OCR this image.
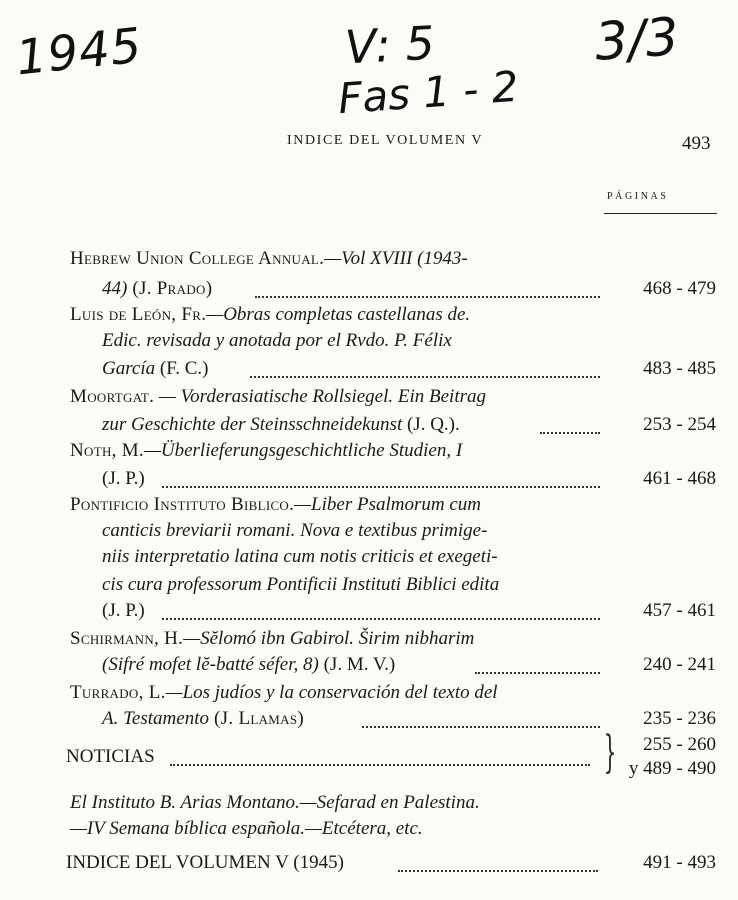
1945	V: 5
Fas 1 - 2
3/3
INDICE DEL VOLUMEN V	493
PÁGINAS
Hebrew Union College Annual.—Vol XVIII (1943-
44) (J. Prado)	468 - 479
Luis de León, Fr.—Obras completas castellanas de.
Edic. revisada y anotada por el Rvdo. P. Félix
García (F. C.)	483 - 485
Moortgat. — Vorderasiatische Rollsiegel. Ein Beitrag
zur Geschichte der Steinsschneidekunst (J. Q.).	253 - 254
Noth, M.—Überlieferungsgeschichtliche Studien, I
(J. P.)	461 - 468
Pontificio Instituto Biblico.—Liber Psalmorum cum
canticis breviarii romani. Nova e textibus primige-
niis interpretatio latina cum notis criticis et exegeti-
cis cura professorum Pontificii Instituti Biblici edita
(J. P.)	457 - 461
Schirmann, H.—Sĕlomó ibn Gabirol. Širim nibharim
(Sifré mofet lĕ-batté séfer, 8) (J. M. V.)	240 - 241
Turrado, L.—Los judíos y la conservación del texto del
A. Testamento (J. Llamas)	235 - 236
NOTICIAS	} 255 - 260
y 489 - 490
El Instituto B. Arias Montano.—Sefarad en Palestina.
—IV Semana bíblica española.—Etcétera, etc.
INDICE DEL VOLUMEN V (1945)	491 - 493
